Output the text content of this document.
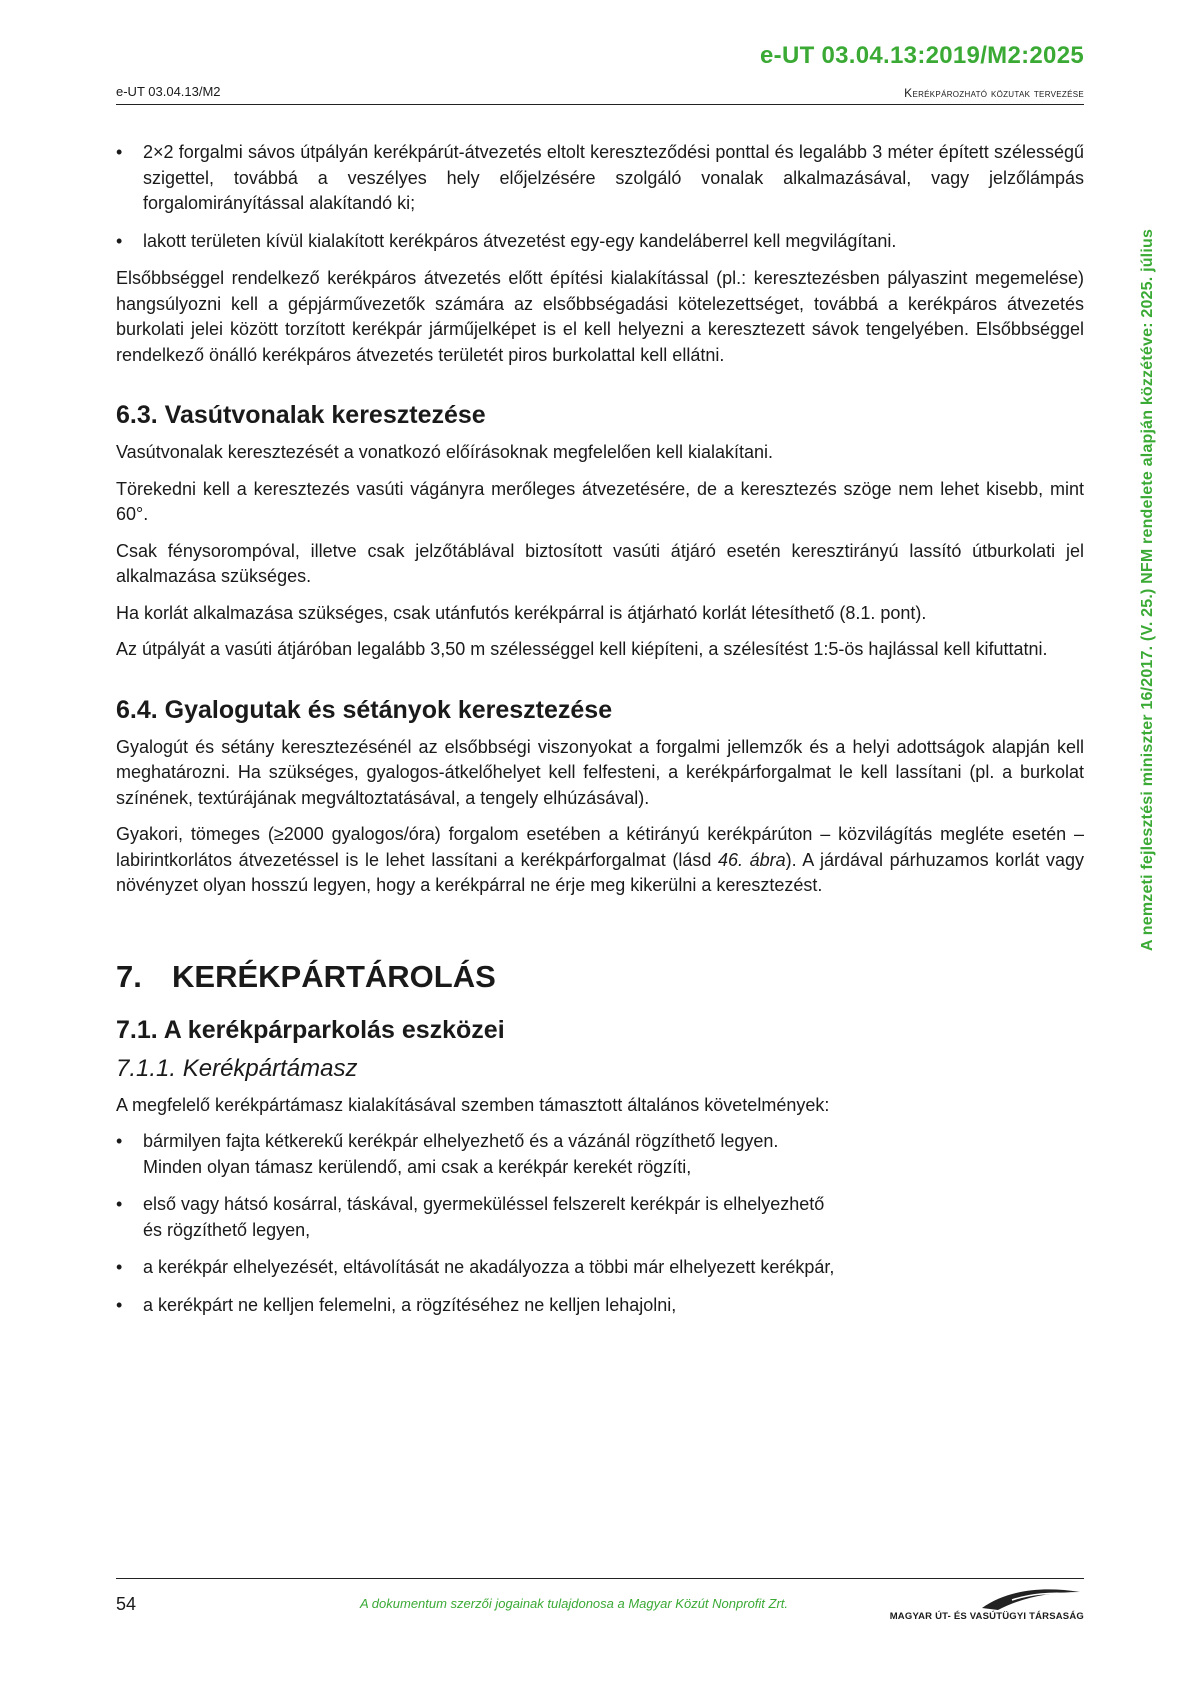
e-UT 03.04.13:2019/M2:2025
e-UT 03.04.13/M2	Kerékpározható közutak tervezése
A nemzeti fejlesztési miniszter 16/2017. (V. 25.) NFM rendelete alapján közzétéve: 2025. július
• 2×2 forgalmi sávos útpályán kerékpárút-átvezetés eltolt kereszteződési ponttal és legalább 3 méter épített szélességű szigettel, továbbá a veszélyes hely előjelzésére szolgáló vonalak alkalmazásával, vagy jelzőlámpás forgalomirányítással alakítandó ki;
• lakott területen kívül kialakított kerékpáros átvezetést egy-egy kandeláberrel kell megvilágítani.

Elsőbbséggel rendelkező kerékpáros átvezetés előtt építési kialakítással (pl.: keresztezésben pályaszint megemelése) hangsúlyozni kell a gépjárművezetők számára az elsőbbségadási kötelezettséget, továbbá a kerékpáros átvezetés burkolati jelei között torzított kerékpár járműjelképet is el kell helyezni a keresztezett sávok tengelyében. Elsőbbséggel rendelkező önálló kerékpáros átvezetés területét piros burkolattal kell ellátni.

6.3. Vasútvonalak keresztezése

Vasútvonalak keresztezését a vonatkozó előírásoknak megfelelően kell kialakítani.

Törekedni kell a keresztezés vasúti vágányra merőleges átvezetésére, de a keresztezés szöge nem lehet kisebb, mint 60°.

Csak fénysorompóval, illetve csak jelzőtáblával biztosított vasúti átjáró esetén keresztirányú lassító útburkolati jel alkalmazása szükséges.

Ha korlát alkalmazása szükséges, csak utánfutós kerékpárral is átjárható korlát létesíthető (8.1. pont).

Az útpályát a vasúti átjáróban legalább 3,50 m szélességgel kell kiépíteni, a szélesítést 1:5-ös hajlással kell kifuttatni.

6.4. Gyalogutak és sétányok keresztezése

Gyalogút és sétány keresztezésénél az elsőbbségi viszonyokat a forgalmi jellemzők és a helyi adottságok alapján kell meghatározni. Ha szükséges, gyalogos-átkelőhelyet kell felfesteni, a kerékpárforgalmat le kell lassítani (pl. a burkolat színének, textúrájának megváltoztatásával, a tengely elhúzásával).

Gyakori, tömeges (≥2000 gyalogos/óra) forgalom esetében a kétirányú kerékpárúton – közvilágítás megléte esetén – labirintkorlátos átvezetéssel is le lehet lassítani a kerékpárforgalmat (lásd 46. ábra). A járdával párhuzamos korlát vagy növényzet olyan hosszú legyen, hogy a kerékpárral ne érje meg kikerülni a keresztezést.

7. KERÉKPÁRTÁROLÁS
7.1. A kerékpárparkolás eszközei
7.1.1. Kerékpártámasz

A megfelelő kerékpártámasz kialakításával szemben támasztott általános követelmények:

• bármilyen fajta kétkerekű kerékpár elhelyezhető és a vázánál rögzíthető legyen.
Minden olyan támasz kerülendő, ami csak a kerékpár kerekét rögzíti,
• első vagy hátsó kosárral, táskával, gyermeküléssel felszerelt kerékpár is elhelyezhető
és rögzíthető legyen,
• a kerékpár elhelyezését, eltávolítását ne akadályozza a többi már elhelyezett kerékpár,
• a kerékpárt ne kelljen felemelni, a rögzítéséhez ne kelljen lehajolni,
54	A dokumentum szerzői jogainak tulajdonosa a Magyar Közút Nonprofit Zrt.
MAGYAR ÚT- ÉS VASÚTÜGYI TÁRSASÁG
